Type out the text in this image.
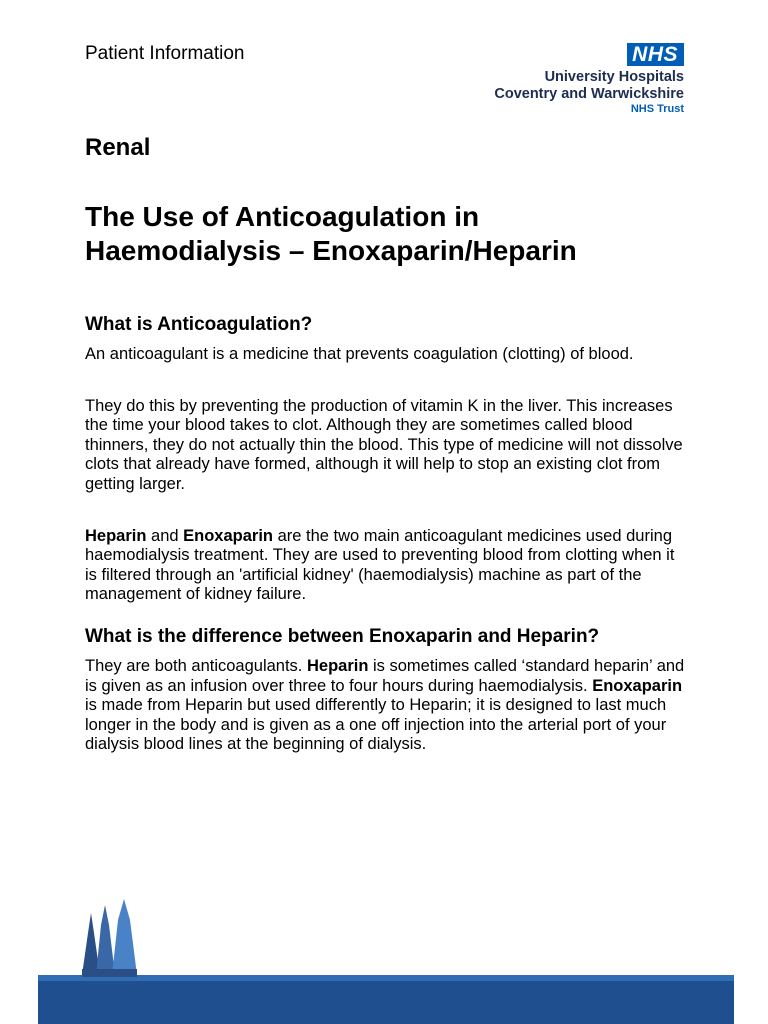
Patient Information	NHS
University Hospitals
Coventry and Warwickshire
NHS Trust
Renal
The Use of Anticoagulation in
Haemodialysis – Enoxaparin/Heparin
What is Anticoagulation?

An anticoagulant is a medicine that prevents coagulation (clotting) of blood.

They do this by preventing the production of vitamin K in the liver. This increases the time your blood takes to clot. Although they are sometimes called blood thinners, they do not actually thin the blood. This type of medicine will not dissolve clots that already have formed, although it will help to stop an existing clot from getting larger.

Heparin and Enoxaparin are the two main anticoagulant medicines used during haemodialysis treatment. They are used to preventing blood from clotting when it is filtered through an 'artificial kidney' (haemodialysis) machine as part of the management of kidney failure.

What is the difference between Enoxaparin and Heparin?

They are both anticoagulants. Heparin is sometimes called ‘standard heparin’ and is given as an infusion over three to four hours during haemodialysis. Enoxaparin is made from Heparin but used differently to Heparin; it is designed to last much longer in the body and is given as a one off injection into the arterial port of your dialysis blood lines at the beginning of dialysis.
